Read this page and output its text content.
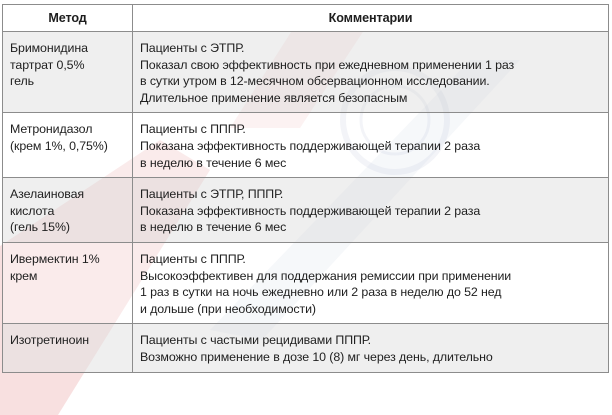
Метод	Комментарии

Бримонидина
тартрат 0,5%
гель	Пациенты с ЭТПР.
Показал свою эффективность при ежедневном применении 1 раз
в сутки утром в 12-месячном обсервационном исследовании.
Длительное применение является безопасным

Метронидазол
(крем 1%, 0,75%)	Пациенты с ПППР.
Показана эффективность поддерживающей терапии 2 раза
в неделю в течение 6 мес

Азелаиновая
кислота
(гель 15%)	Пациенты с ЭТПР, ПППР.
Показана эффективность поддерживающей терапии 2 раза
в неделю в течение 6 мес

Ивермектин 1%
крем	Пациенты с ПППР.
Высокоэффективен для поддержания ремиссии при применении
1 раз в сутки на ночь ежедневно или 2 раза в неделю до 52 нед
и дольше (при необходимости)

Изотретиноин	Пациенты с частыми рецидивами ПППР.
Возможно применение в дозе 10 (8) мг через день, длительно
